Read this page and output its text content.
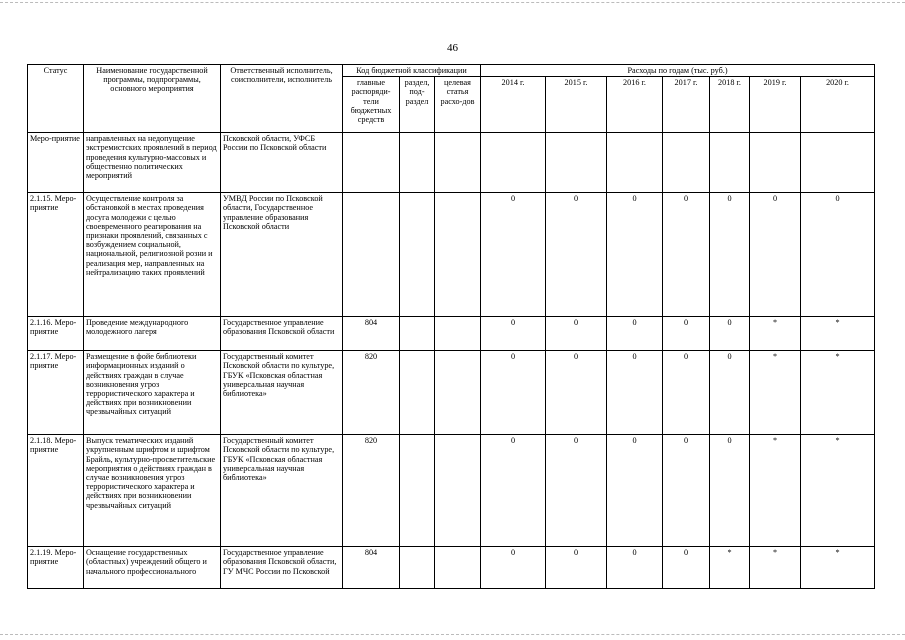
46
Статус	Наименование государственной программы, подпрограммы, основного мероприятия	Ответственный исполнитель, соисполнители, исполнитель	Код бюджетной классификации			Расходы по годам (тыс. руб.)						
			главные распоряди-тели бюджетных средств	раздел, под-раздел	целевая статья расхо-дов	2014 г.	2015 г.	2016 г.	2017 г.	2018 г.	2019 г.	2020 г.
Меро-приятие	направленных на недопущение экстремистских проявлений в период проведения культурно-массовых и общественно политических мероприятий	Псковской области, УФСБ России по Псковской области										
2.1.15. Меро-приятие	Осуществление контроля за обстановкой в местах проведения досуга молодежи с целью своевременного реагирования на признаки проявлений, связанных с возбуждением социальной, национальной, религиозной розни и реализация мер, направленных на нейтрализацию таких проявлений	УМВД России по Псковской области, Государственное управление образования Псковской области				0	0	0	0	0	0	0
2.1.16. Меро-приятие	Проведение международного молодежного лагеря	Государственное управление образования Псковской области	804			0	0	0	0	0	*	*
2.1.17. Меро-приятие	Размещение в фойе библиотеки информационных изданий о действиях граждан в случае возникновения угроз террористического характера и действиях при возникновении чрезвычайных ситуаций	Государственный комитет Псковской области по культуре, ГБУК «Псковская областная универсальная научная библиотека»	820			0	0	0	0	0	*	*
2.1.18. Меро-приятие	Выпуск тематических изданий укрупненным шрифтом и шрифтом Брайль, культурно-просветительские мероприятия о действиях граждан в случае возникновения угроз террористического характера и действиях при возникновении чрезвычайных ситуаций	Государственный комитет Псковской области по культуре, ГБУК «Псковская областная универсальная научная библиотека»	820			0	0	0	0	0	*	*
2.1.19. Меро-приятие	Оснащение государственных (областных) учреждений общего и начального профессионального	Государственное управление образования Псковской области, ГУ МЧС России по Псковской	804			0	0	0	0	*	*	*
